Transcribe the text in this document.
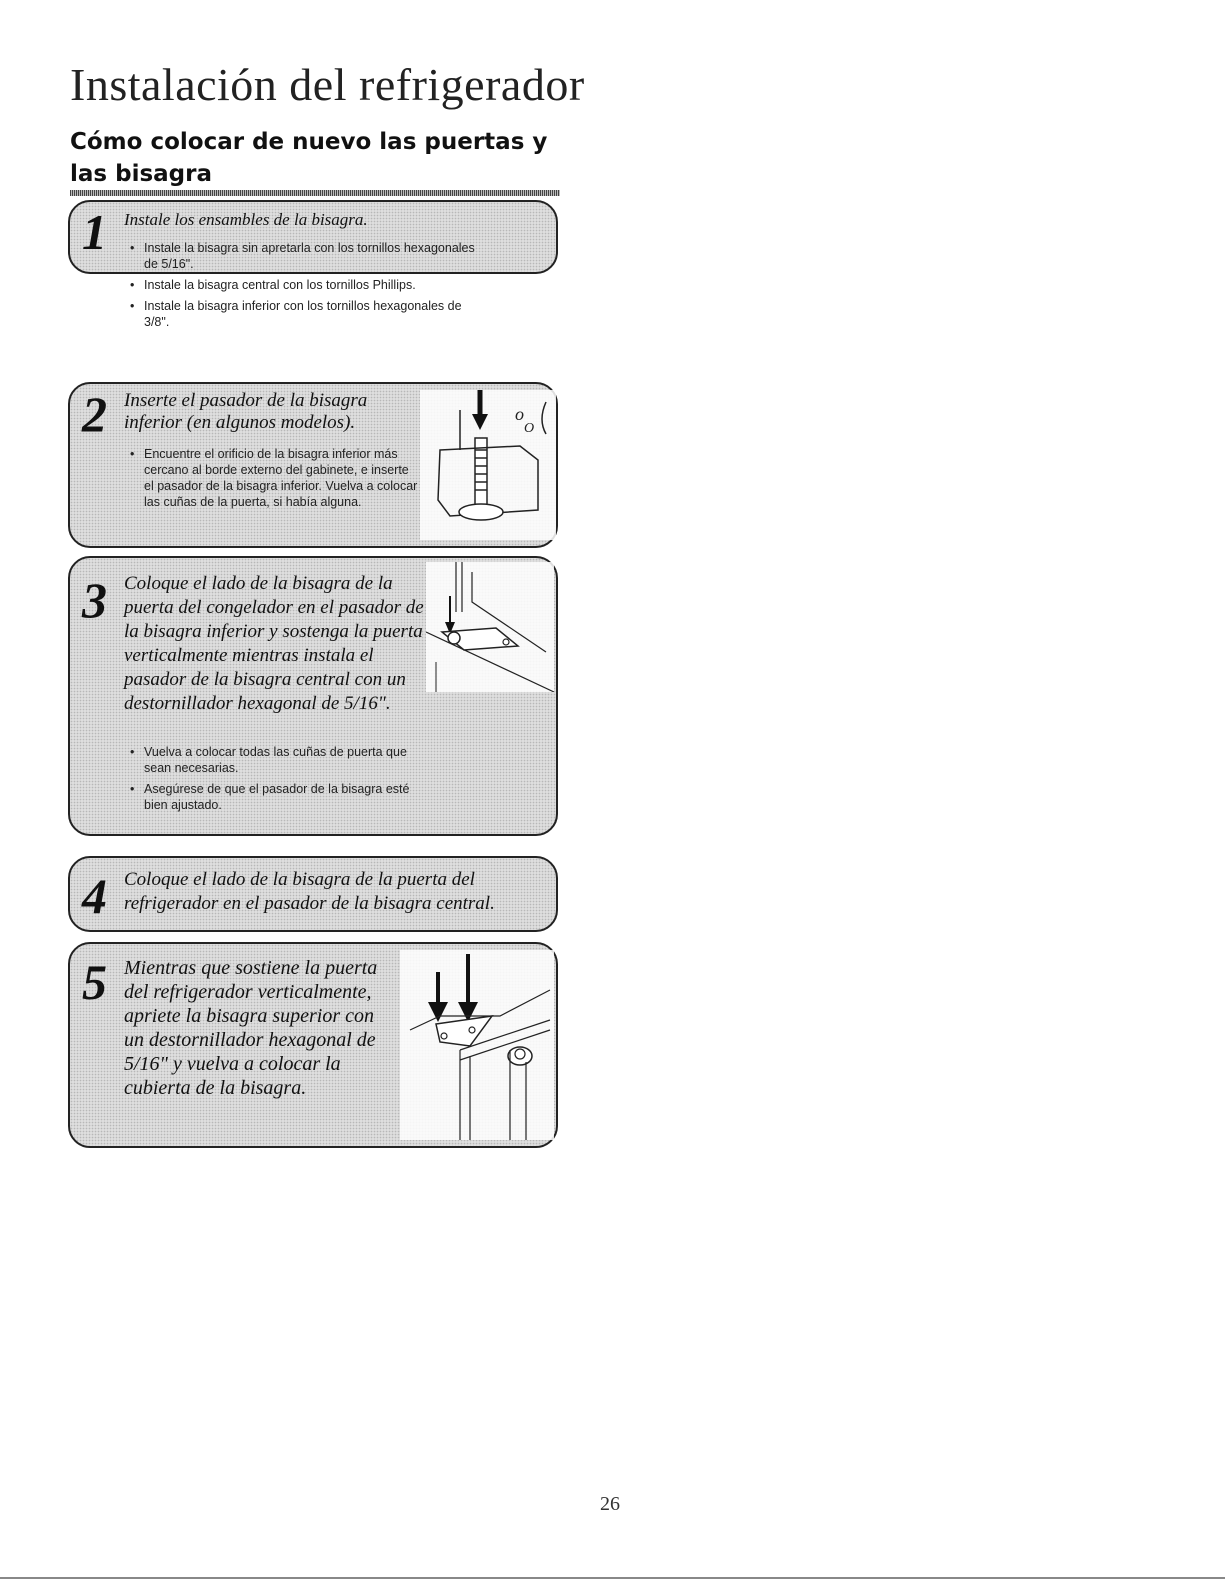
Instalación del refrigerador
Cómo colocar de nuevo las puertas y las bisagra

1 Instale los ensambles de la bisagra.

• Instale la bisagra sin apretarla con los tornillos hexagonales de 5/16".
• Instale la bisagra central con los tornillos Phillips.
• Instale la bisagra inferior con los tornillos hexagonales de 3/8".

2 Inserte el pasador de la bisagra inferior (en algunos modelos).

• Encuentre el orificio de la bisagra inferior más cercano al borde externo del gabinete, e inserte el pasador de la bisagra inferior. Vuelva a colocar las cuñas de la puerta, si había alguna.
o
O

3 Coloque el lado de la bisagra de la puerta del congelador en el pasador de la bisagra inferior y sostenga la puerta verticalmente mientras instala el pasador de la bisagra central con un destornillador hexagonal de 5/16".

• Vuelva a colocar todas las cuñas de puerta que sean necesarias.
• Asegúrese de que el pasador de la bisagra esté bien ajustado.

4 Coloque el lado de la bisagra de la puerta del refrigerador en el pasador de la bisagra central.

5 Mientras que sostiene la puerta del refrigerador verticalmente, apriete la bisagra superior con un destornillador hexagonal de 5/16" y vuelva a colocar la cubierta de la bisagra.

26
